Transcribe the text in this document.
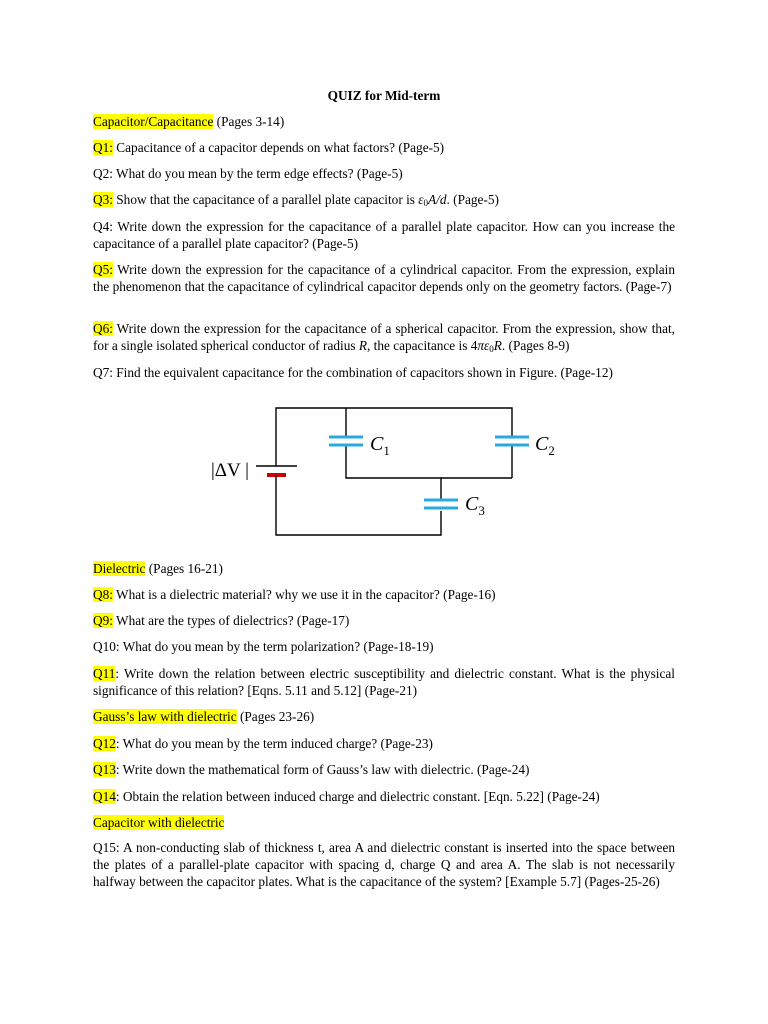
QUIZ for Mid-term

Capacitor/Capacitance (Pages 3-14)

Q1: Capacitance of a capacitor depends on what factors? (Page-5)

Q2: What do you mean by the term edge effects? (Page-5)

Q3: Show that the capacitance of a parallel plate capacitor is $\varepsilon_0A/d$. (Page-5)

Q4: Write down the expression for the capacitance of a parallel plate capacitor. How can you increase the capacitance of a parallel plate capacitor? (Page-5)

Q5: Write down the expression for the capacitance of a cylindrical capacitor. From the expression, explain the phenomenon that the capacitance of cylindrical capacitor depends only on the geometry factors. (Page-7)

Q6: Write down the expression for the capacitance of a spherical capacitor. From the expression, show that, for a single isolated spherical conductor of radius R, the capacitance is $4\pi\varepsilon_0R$. (Pages 8-9)

Q7: Find the equivalent capacitance for the combination of capacitors shown in Figure. (Page-12)

|ΔV |
$C_1$	$C_2$
$C_3$

Dielectric (Pages 16-21)

Q8: What is a dielectric material? why we use it in the capacitor? (Page-16)

Q9: What are the types of dielectrics? (Page-17)

Q10: What do you mean by the term polarization? (Page-18-19)

Q11: Write down the relation between electric susceptibility and dielectric constant. What is the physical significance of this relation? [Eqns. 5.11 and 5.12] (Page-21)

Gauss’s law with dielectric (Pages 23-26)

Q12: What do you mean by the term induced charge? (Page-23)

Q13: Write down the mathematical form of Gauss’s law with dielectric. (Page-24)

Q14: Obtain the relation between induced charge and dielectric constant. [Eqn. 5.22] (Page-24)

Capacitor with dielectric

Q15: A non-conducting slab of thickness t, area A and dielectric constant is inserted into the space between the plates of a parallel-plate capacitor with spacing d, charge Q and area A. The slab is not necessarily halfway between the capacitor plates. What is the capacitance of the system? [Example 5.7] (Pages-25-26)
